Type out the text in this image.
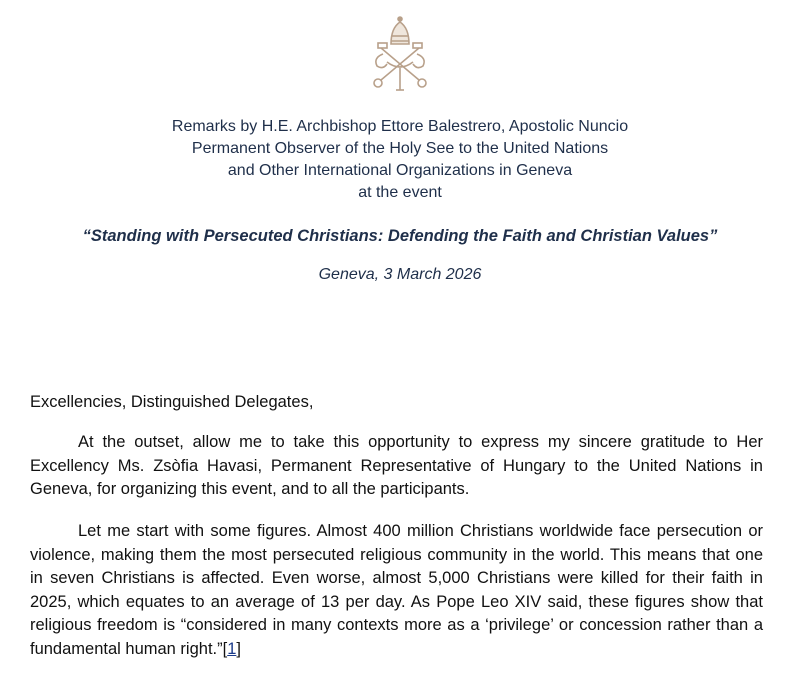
Remarks by H.E. Archbishop Ettore Balestrero, Apostolic Nuncio
Permanent Observer of the Holy See to the United Nations
and Other International Organizations in Geneva
at the event
“Standing with Persecuted Christians: Defending the Faith and Christian Values”
Geneva, 3 March 2026
Excellencies, Distinguished Delegates,

At the outset, allow me to take this opportunity to express my sincere gratitude to Her Excellency Ms. Zsòfia Havasi, Permanent Representative of Hungary to the United Nations in Geneva, for organizing this event, and to all the participants.

Let me start with some figures. Almost 400 million Christians worldwide face persecution or violence, making them the most persecuted religious community in the world. This means that one in seven Christians is affected. Even worse, almost 5,000 Christians were killed for their faith in 2025, which equates to an average of 13 per day. As Pope Leo XIV said, these figures show that religious freedom is “considered in many contexts more as a ‘privilege’ or concession rather than a fundamental human right.”[1]
